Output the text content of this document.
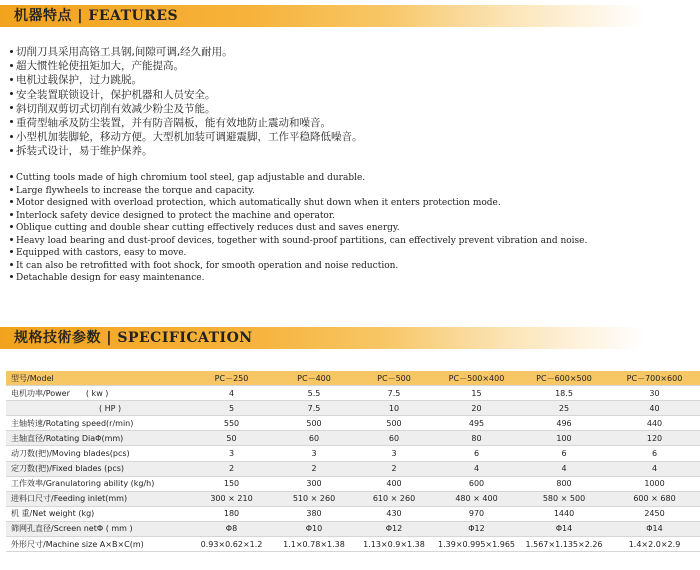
机器特点 | FEATURES
切削刀具采用高铬工具钢,间隙可调,经久耐用。
超大惯性轮使扭矩加大，产能提高。
电机过载保护，过力跳脱。
安全装置联锁设计，保护机器和人员安全。
斜切削双剪切式切削有效减少粉尘及节能。
重荷型轴承及防尘装置，并有防音隔板，能有效地防止震动和噪音。
小型机加装脚轮，移动方便。大型机加装可调避震脚，工作平稳降低噪音。
拆装式设计，易于维护保养。
Cutting tools made of high chromium tool steel, gap adjustable and durable.
Large flywheels to increase the torque and capacity.
Motor designed with overload protection, which automatically shut down when it enters protection mode.
Interlock safety device designed to protect the machine and operator.
Oblique cutting and double shear cutting effectively reduces dust and saves energy.
Heavy load bearing and dust-proof devices, together with sound-proof partitions, can effectively prevent vibration and noise.
Equipped with castors, easy to move.
It can also be retrofitted with foot shock, for smooth operation and noise reduction.
Detachable design for easy maintenance.
规格技術参数 | SPECIFICATION
型号/Model	PC－250	PC－400	PC－500	PC－500×400	PC－600×500	PC－700×600
电机功率/Power ( kw )	4	5.5	7.5	15	18.5	30
( HP )	5	7.5	10	20	25	40
主轴转速/Rotating speed(r/min)	550	500	500	495	496	440
主轴直径/Rotating DiaΦ(mm)	50	60	60	80	100	120
动刀数(把)/Moving blades(pcs)	3	3	3	6	6	6
定刀数(把)/Fixed blades (pcs)	2	2	2	4	4	4
工作效率/Granulatoring ability (kg/h)	150	300	400	600	800	1000
进料口尺寸/Feeding inlet(mm)	300 × 210	510 × 260	610 × 260	480 × 400	580 × 500	600 × 680
机 重/Net weight (kg)	180	380	430	970	1440	2450
筛网孔直径/Screen netΦ ( mm )	Φ8	Φ10	Φ12	Φ12	Φ14	Φ14
外形尺寸/Machine size A×B×C(m)	0.93×0.62×1.2	1.1×0.78×1.38	1.13×0.9×1.38	1.39×0.995×1.965	1.567×1.135×2.26	1.4×2.0×2.9
